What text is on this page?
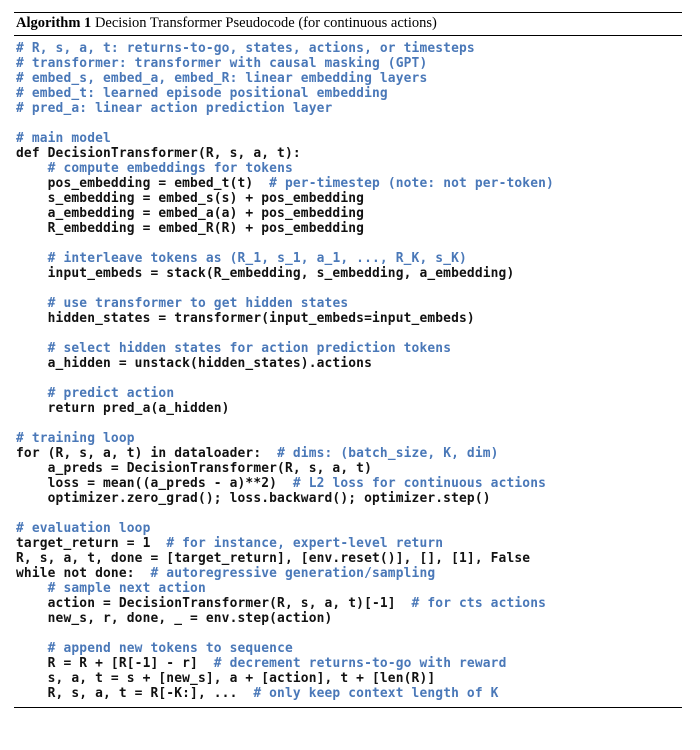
Algorithm 1 Decision Transformer Pseudocode (for continuous actions)
# R, s, a, t: returns-to-go, states, actions, or timesteps
# transformer: transformer with causal masking (GPT)
# embed_s, embed_a, embed_R: linear embedding layers
# embed_t: learned episode positional embedding
# pred_a: linear action prediction layer
# main model
def DecisionTransformer(R, s, a, t):
# compute embeddings for tokens
pos_embedding = embed_t(t)  # per-timestep (note: not per-token)
s_embedding = embed_s(s) + pos_embedding
a_embedding = embed_a(a) + pos_embedding
R_embedding = embed_R(R) + pos_embedding
# interleave tokens as (R_1, s_1, a_1, ..., R_K, s_K)
input_embeds = stack(R_embedding, s_embedding, a_embedding)
# use transformer to get hidden states
hidden_states = transformer(input_embeds=input_embeds)
# select hidden states for action prediction tokens
a_hidden = unstack(hidden_states).actions
# predict action
return pred_a(a_hidden)
# training loop
for (R, s, a, t) in dataloader:  # dims: (batch_size, K, dim)
a_preds = DecisionTransformer(R, s, a, t)
loss = mean((a_preds - a)**2)  # L2 loss for continuous actions
optimizer.zero_grad(); loss.backward(); optimizer.step()
# evaluation loop
target_return = 1  # for instance, expert-level return
R, s, a, t, done = [target_return], [env.reset()], [], [1], False
while not done:  # autoregressive generation/sampling
# sample next action
action = DecisionTransformer(R, s, a, t)[-1]  # for cts actions
new_s, r, done, _ = env.step(action)
# append new tokens to sequence
R = R + [R[-1] - r]  # decrement returns-to-go with reward
s, a, t = s + [new_s], a + [action], t + [len(R)]
R, s, a, t = R[-K:], ...  # only keep context length of K
